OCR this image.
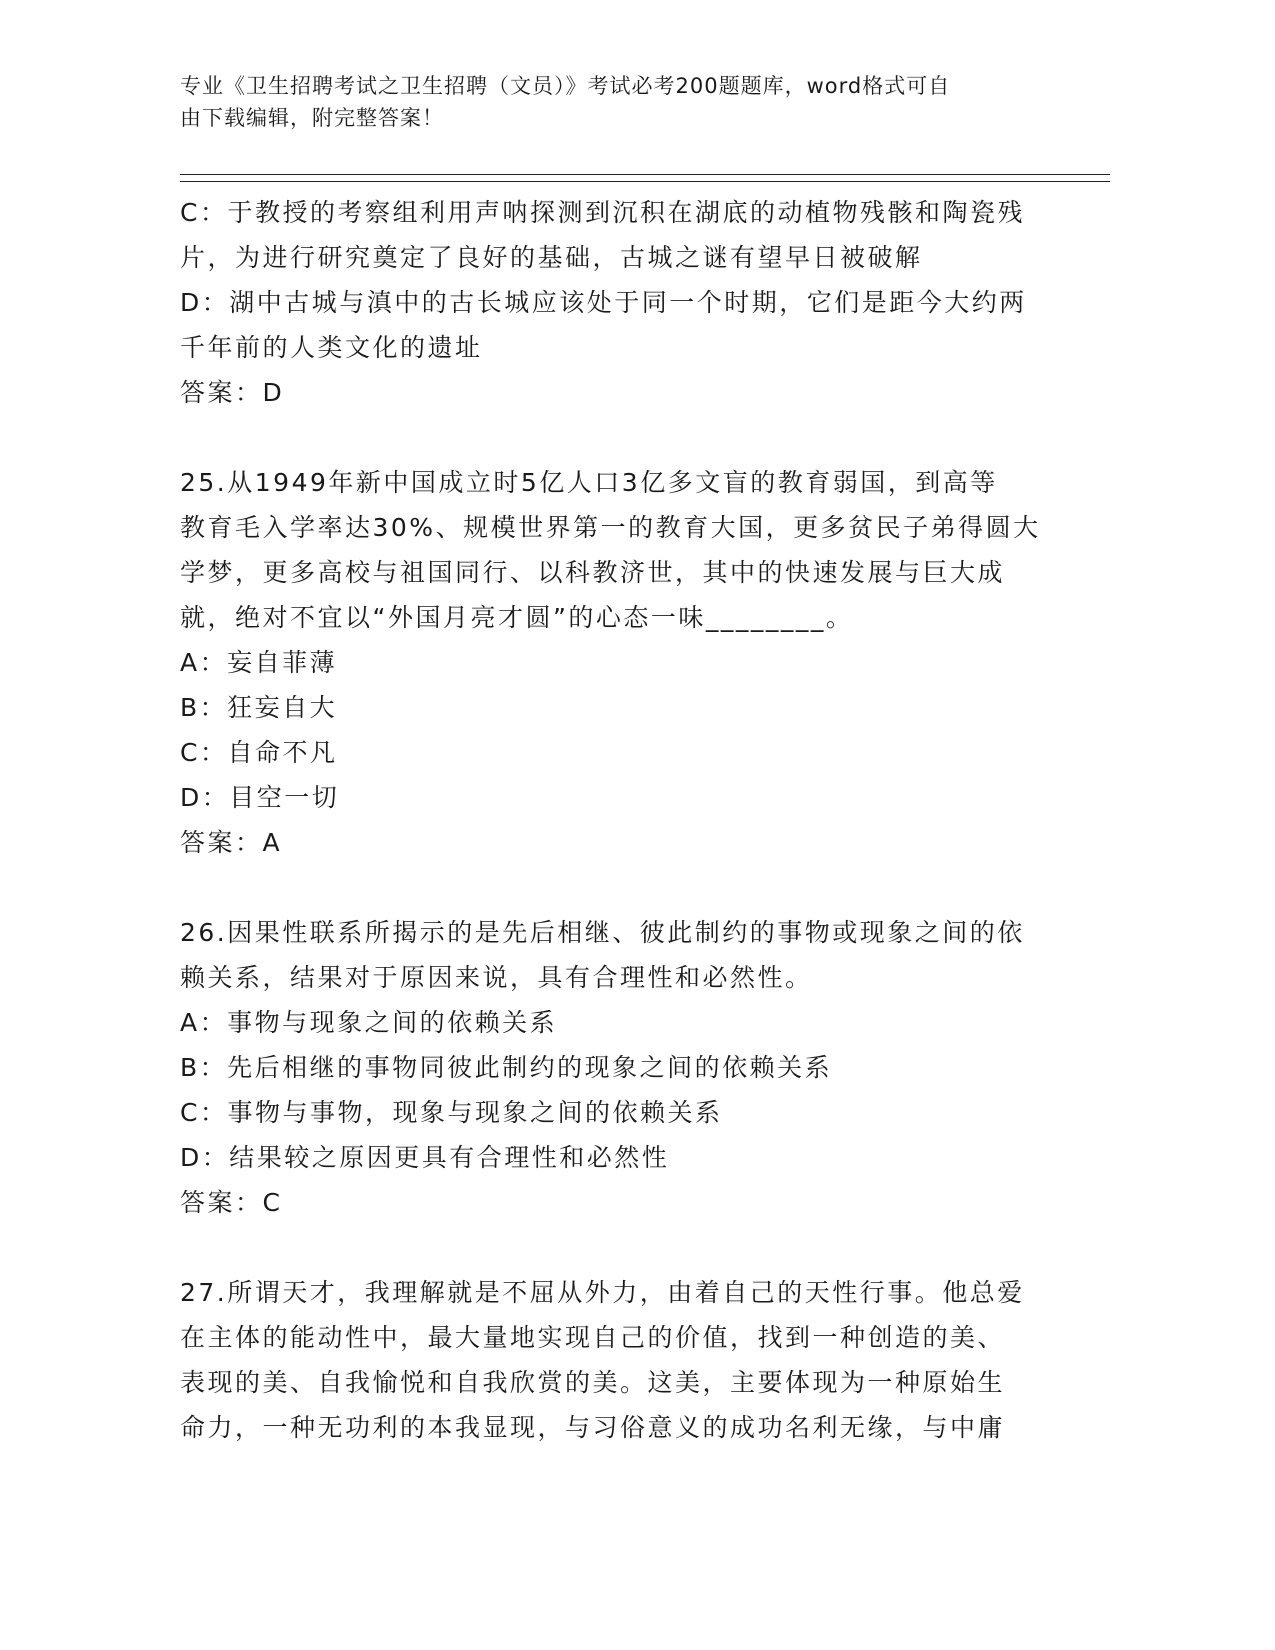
专业《卫生招聘考试之卫生招聘（文员）》考试必考200题题库，word格式可自
由下载编辑，附完整答案！
C：于教授的考察组利用声呐探测到沉积在湖底的动植物残骸和陶瓷残
片，为进行研究奠定了良好的基础，古城之谜有望早日被破解
D：湖中古城与滇中的古长城应该处于同一个时期，它们是距今大约两
千年前的人类文化的遗址
答案：D
25.从1949年新中国成立时5亿人口3亿多文盲的教育弱国，到高等
教育毛入学率达30%、规模世界第一的教育大国，更多贫民子弟得圆大
学梦，更多高校与祖国同行、以科教济世，其中的快速发展与巨大成
就，绝对不宜以“外国月亮才圆”的心态一味________。
A：妄自菲薄
B：狂妄自大
C：自命不凡
D：目空一切
答案：A
26.因果性联系所揭示的是先后相继、彼此制约的事物或现象之间的依
赖关系，结果对于原因来说，具有合理性和必然性。
A：事物与现象之间的依赖关系
B：先后相继的事物同彼此制约的现象之间的依赖关系
C：事物与事物，现象与现象之间的依赖关系
D：结果较之原因更具有合理性和必然性
答案：C
27.所谓天才，我理解就是不屈从外力，由着自己的天性行事。他总爱
在主体的能动性中，最大量地实现自己的价值，找到一种创造的美、
表现的美、自我愉悦和自我欣赏的美。这美，主要体现为一种原始生
命力，一种无功利的本我显现，与习俗意义的成功名利无缘，与中庸
